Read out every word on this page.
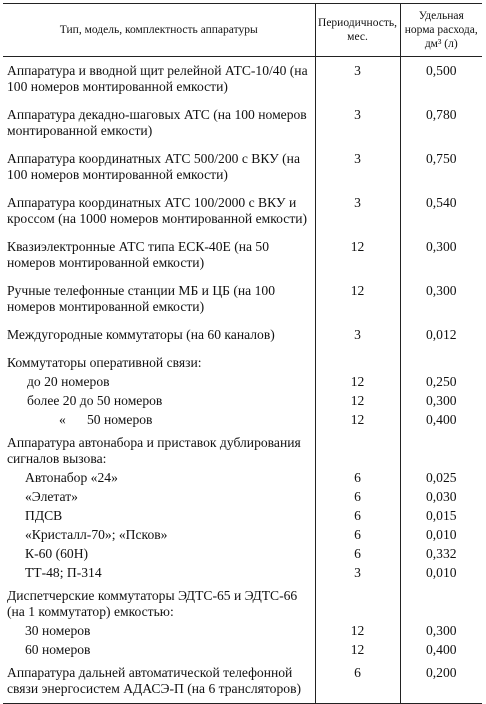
Тип, модель, комплектность аппаратуры	Периодичность, мес.	Удельная норма расхода, дм³ (л)
Аппаратура и вводной щит релейной АТС-10/40 (на 100 номеров монтированной емкости)	3	0,500
Аппаратура декадно-шаговых АТС (на 100 номеров монтированной емкости)	3	0,780
Аппаратура координатных АТС 500/200 с ВКУ (на 100 номеров монтированной емкости)	3	0,750
Аппаратура координатных АТС 100/2000 с ВКУ и кроссом (на 1000 номеров монтированной емкости)	3	0,540
Квазиэлектронные АТС типа ЕСК-40Е (на 50 номеров монтированной емкости)	12	0,300
Ручные телефонные станции МБ и ЦБ (на 100 номеров монтированной емкости)	12	0,300
Междугородные коммутаторы (на 60 каналов)	3	0,012
Коммутаторы оперативной связи:		
до 20 номеров	12	0,250
более 20 до 50 номеров	12	0,300
« 50 номеров	12	0,400
Аппаратура автонабора и приставок дублирования сигналов вызова:		
Автонабор «24»	6	0,025
«Элетат»	6	0,030
ПДСВ	6	0,015
«Кристалл-70»; «Псков»	6	0,010
К-60 (60Н)	6	0,332
ТТ-48; П-314	3	0,010
Диспетчерские коммутаторы ЭДТС-65 и ЭДТС-66 (на 1 коммутатор) емкостью:		
30 номеров	12	0,300
60 номеров	12	0,400
Аппаратура дальней автоматической телефонной связи энергосистем АДАСЭ-П (на 6 трансляторов)	6	0,200
